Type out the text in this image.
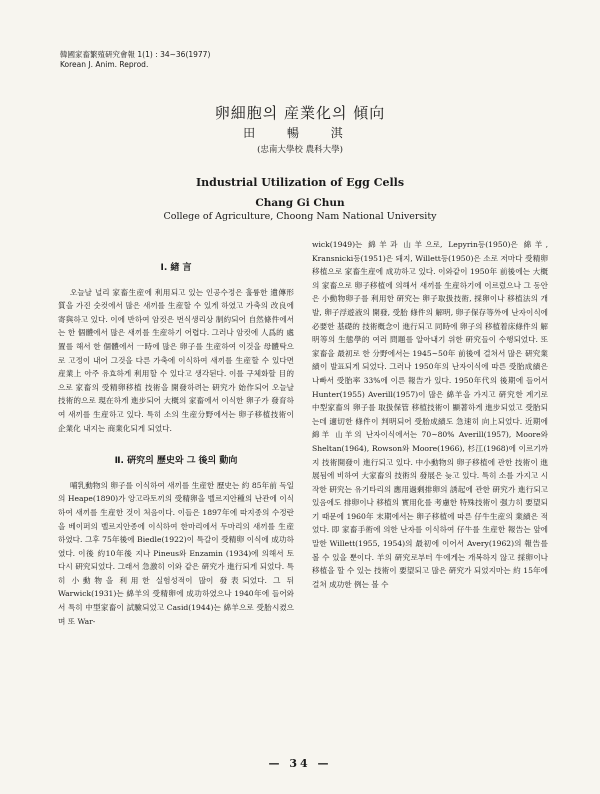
韓國家畜繁殖硏究會報 1(1) : 34~36(1977)
Korean J. Anim. Reprod.
卵細胞의 産業化의 傾向
田 暢 淇
(忠南大學校 農科大學)
Industrial Utilization of Egg Cells
Chang Gi Chun
College of Agriculture, Choong Nam National University
Ⅰ. 緖 言

오늘날 널리 家畜生産에 利用되고 있는 인공수정은 훌륭한 遺傳形質을 가진 숫컷에서 많은 새끼를 生産할 수 있게 하였고 가축의 改良에 寄與하고 있다. 이에 반하여 암컷은 번식생리상 制約되어 自然條件에서는 한 個體에서 많은 새끼를 生産하기 어렵다. 그러나 암컷에 人爲的 處置를 해서 한 個體에서 一時에 많은 卵子를 生産하여 이것을 母體탁으로 고정이 내어 그것을 다른 가축에 이식하여 새끼를 生産할 수 있다면 産業上 아주 유효하게 利用할 수 있다고 생각된다. 이를 구체화할 目的으로 家畜의 受精卵移植 技術을 開發하려는 硏究가 始作되어 오늘날 技術的으로 現在하게 進步되어 大概의 家畜에서 이식한 卵子가 發育하여 새끼를 生産하고 있다. 특히 소의 生産分野에서는 卵子移植技術이 企業化 내지는 商業化되게 되었다.

Ⅱ. 硏究의 歷史와 그 後의 動向

哺乳動物의 卵子를 이식하여 새끼를 生産한 歷史는 約 85年前 독일의 Heape(1890)가 앙고라토끼의 受精卵을 벨르지안種의 난관에 이식하여 새끼를 生産한 것이 처음이다. 이들은 1897年에 따지종의 수정란을 베이퍼의 벨르지안종에 이식하여 한마리에서 두마리의 새끼를 生産하였다. 그후 75年後에 Biedle(1922)이 특갈이 受精卵 이식에 成功하였다. 이後 約10年後 지나 Pineus와 Enzamin (1934)에 의해서 토 다시 硏究되었다. 그래서 急激히 이와 같은 硏究가 進行되게 되었다. 특히 小動物을 利用한 실험성적이 많이 發表되었다. 그 뒤 Warwick(1931)는 綿羊의 受精卵에 成功하였으나 1940年에 들어와서 특히 中型家畜이 試驗되었고 Casid(1944)는 綿羊으로 受胎시켰으며 또 War-

wick(1949)는 綿羊과 山羊으로, Lepyrin등(1950)은 綿羊, Kransnicki등(1951)은 돼지, Willett등(1950)은 소로 저마다 受精卵移植으로 家畜生産에 成功하고 있다. 이와같이 1950年 前後에는 大概의 家畜으로 卵子移植에 의해서 새끼를 生産하기에 이르렀으나 그 동안은 小動物卵子를 利用한 硏究는 卵子取扱技術, 採卵이나 移植法의 개발, 卵子浮遊液의 開發, 受胎 條件의 解明, 卵子保存等外에 난자이식에 必要한 基礎的 技術槪念이 進行되고 同時에 卵子의 移植着床條件의 解明等의 生態學的 여러 問題를 알아내기 위한 硏究들이 수행되었다. 또 家畜을 最初로 한 分野에서는 1945~50年 前後에 걸쳐서 많은 硏究業績이 발표되게 되었다. 그러나 1950年의 난자이식에 따른 受胎成績은 나빠서 受胎率 33%에 이른 報告가 있다. 1950年代의 後期에 들어서 Hunter(1955) Averill(1957)이 많은 綿羊을 가지고 硏究한 계기로 中型家畜의 卵子를 取扱保管 移植技術이 顯著하게 進步되었고 受胎되는데 適切한 條件이 判明되어 受胎成績도 急速히 向上되었다. 近期에 綿羊 山羊의 난자이식에서는 70~80% Averill(1957), Moore와 Sheltan(1964), Rowson와 Moore(1966), 杉江(1968)에 이르기까지 技術開發이 進行되고 있다. 中小動物의 卵子移植에 관한 技術이 進展됨에 비하여 大家畜의 技術의 發展은 늦고 있다. 특히 소를 가지고 시작한 硏究는 유기타리의 應用過剩排卵의 誘起에 관한 硏究가 進行되고 있음에도 排卵이나 移植의 實用化를 考慮한 特殊技術이 强力히 要望되기 때문에 1960年 末期에서는 卵子移植에 따른 仔牛生産의 業績은 적었다. 即 家畜手術에 의한 난자를 이식하여 仔牛를 生産한 報告는 앞에 말한 Willett(1955, 1954)의 最初에 이어서 Avery(1962)의 報告를 볼 수 있을 뿐이다. 羊의 硏究로부터 牛에게는 개복하지 않고 採卵이나 移植을 할 수 있는 技術이 要望되고 많은 硏究가 되었지마는 約 15年에 걸쳐 成功한 例는 볼 수

— 34 —
